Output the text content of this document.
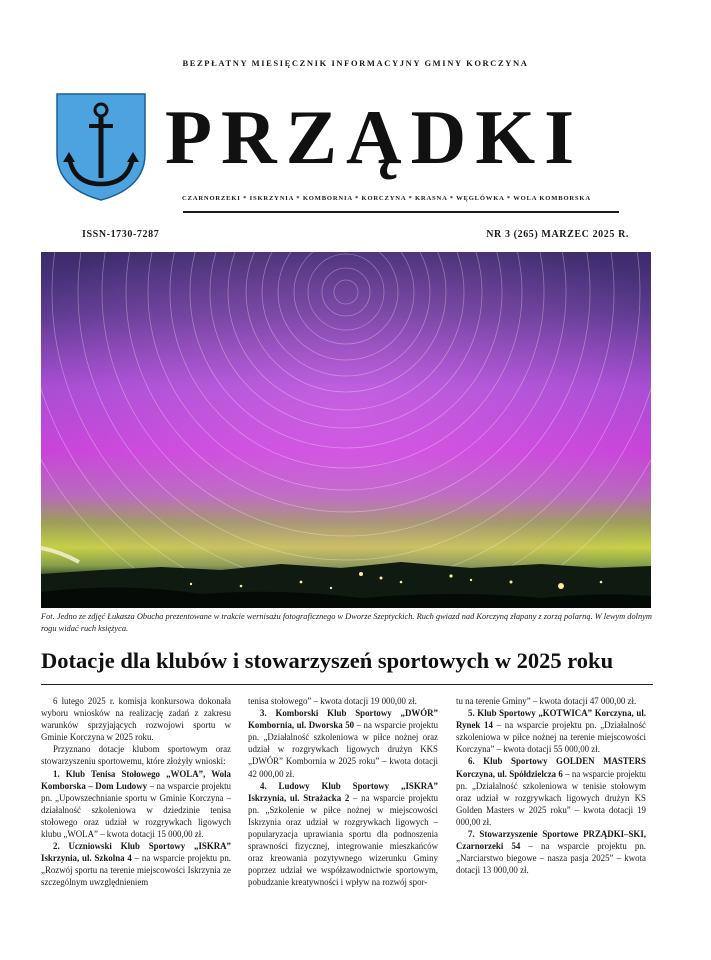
BEZPŁATNY MIESIĘCZNIK INFORMACYJNY GMINY KORCZYNA
PRZĄDKI
CZARNORZEKI * ISKRZYNIA * KOMBORNIA * KORCZYNA * KRASNA * WĘGLÓWKA * WOLA KOMBORSKA
ISSN-1730-7287	NR 3 (265) MARZEC 2025 R.
Fot. Jedno ze zdjęć Łukasza Obucha prezentowane w trakcie wernisażu fotograficznego w Dworze Szeptyckich. Ruch gwiazd nad Korczyną złapany z zorzą polarną. W lewym dolnym rogu widać ruch księżyca.
Dotacje dla klubów i stowarzyszeń sportowych w 2025 roku

6 lutego 2025 r. komisja konkursowa dokonała wyboru wniosków na realizację zadań z zakresu warunków sprzyjających rozwojowi sportu w Gminie Korczyna w 2025 roku.

Przyznano dotacje klubom sportowym oraz stowarzyszeniu sportowemu, które złożyły wnioski:

1. Klub Tenisa Stołowego „WOLA”, Wola Komborska – Dom Ludowy – na wsparcie projektu pn. „Upowszechnianie sportu w Gminie Korczyna – działalność szkoleniowa w dziedzinie tenisa stołowego oraz udział w rozgrywkach ligowych klubu „WOLA” – kwota dotacji 15 000,00 zł.

2. Uczniowski Klub Sportowy „ISKRA” Iskrzynia, ul. Szkolna 4 – na wsparcie projektu pn. „Rozwój sportu na terenie miejscowości Iskrzynia ze szczególnym uwzględnieniem

tenisa stołowego” – kwota dotacji 19 000,00 zł.

3. Komborski Klub Sportowy „DWÓR” Kombornia, ul. Dworska 50 – na wsparcie projektu pn. „Działalność szkoleniowa w piłce nożnej oraz udział w rozgrywkach ligowych drużyn KKS „DWÓR” Kombornia w 2025 roku” – kwota dotacji 42 000,00 zł.

4. Ludowy Klub Sportowy „ISKRA” Iskrzynia, ul. Strażacka 2 – na wsparcie projektu pn. „Szkolenie w piłce nożnej w miejscowości Iskrzynia oraz udział w rozgrywkach ligowych – popularyzacja uprawiania sportu dla podnoszenia sprawności fizycznej, integrowanie mieszkańców oraz kreowania pozytywnego wizerunku Gminy poprzez udział we współzawodnictwie sportowym, pobudzanie kreatywności i wpływ na rozwój spor-

tu na terenie Gminy” – kwota dotacji 47 000,00 zł.

5. Klub Sportowy „KOTWICA” Korczyna, ul. Rynek 14 – na wsparcie projektu pn. „Działalność szkoleniowa w piłce nożnej na terenie miejscowości Korczyna” – kwota dotacji 55 000,00 zł.

6. Klub Sportowy GOLDEN MASTERS Korczyna, ul. Spółdzielcza 6 – na wsparcie projektu pn. „Działalność szkoleniowa w tenisie stołowym oraz udział w rozgrywkach ligowych drużyn KS Golden Masters w 2025 roku” – kwota dotacji 19 000,00 zł.

7. Stowarzyszenie Sportowe PRZĄDKI–SKI, Czarnorzeki 54 – na wsparcie projektu pn. „Narciarstwo biegowe – nasza pasja 2025” – kwota dotacji 13 000,00 zł.
